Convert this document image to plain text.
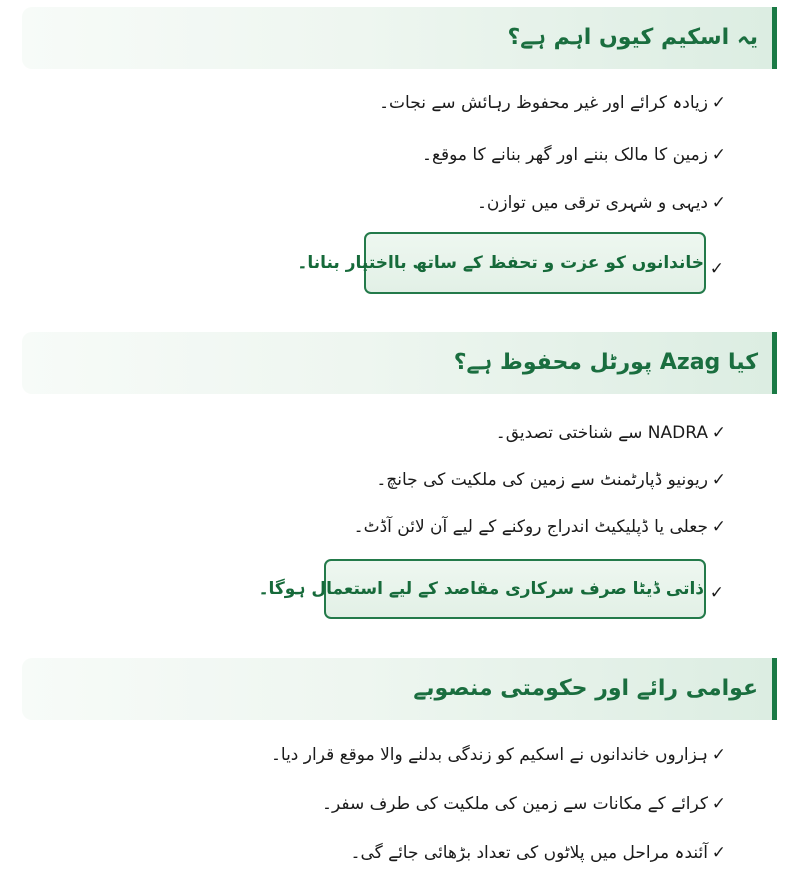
یہ اسکیم کیوں اہم ہے؟
✓زیادہ کرائے اور غیر محفوظ رہائش سے نجات۔
✓زمین کا مالک بننے اور گھر بنانے کا موقع۔
✓دیہی و شہری ترقی میں توازن۔
✓
خاندانوں کو عزت و تحفظ کے ساتھ بااختیار بنانا۔
کیا Azag پورٹل محفوظ ہے؟
✓NADRA سے شناختی تصدیق۔
✓ریونیو ڈپارٹمنٹ سے زمین کی ملکیت کی جانچ۔
✓جعلی یا ڈپلیکیٹ اندراج روکنے کے لیے آن لائن آڈٹ۔
✓
ذاتی ڈیٹا صرف سرکاری مقاصد کے لیے استعمال ہوگا۔
عوامی رائے اور حکومتی منصوبے
✓ہزاروں خاندانوں نے اسکیم کو زندگی بدلنے والا موقع قرار دیا۔
✓کرائے کے مکانات سے زمین کی ملکیت کی طرف سفر۔
✓آئندہ مراحل میں پلاٹوں کی تعداد بڑھائی جائے گی۔
